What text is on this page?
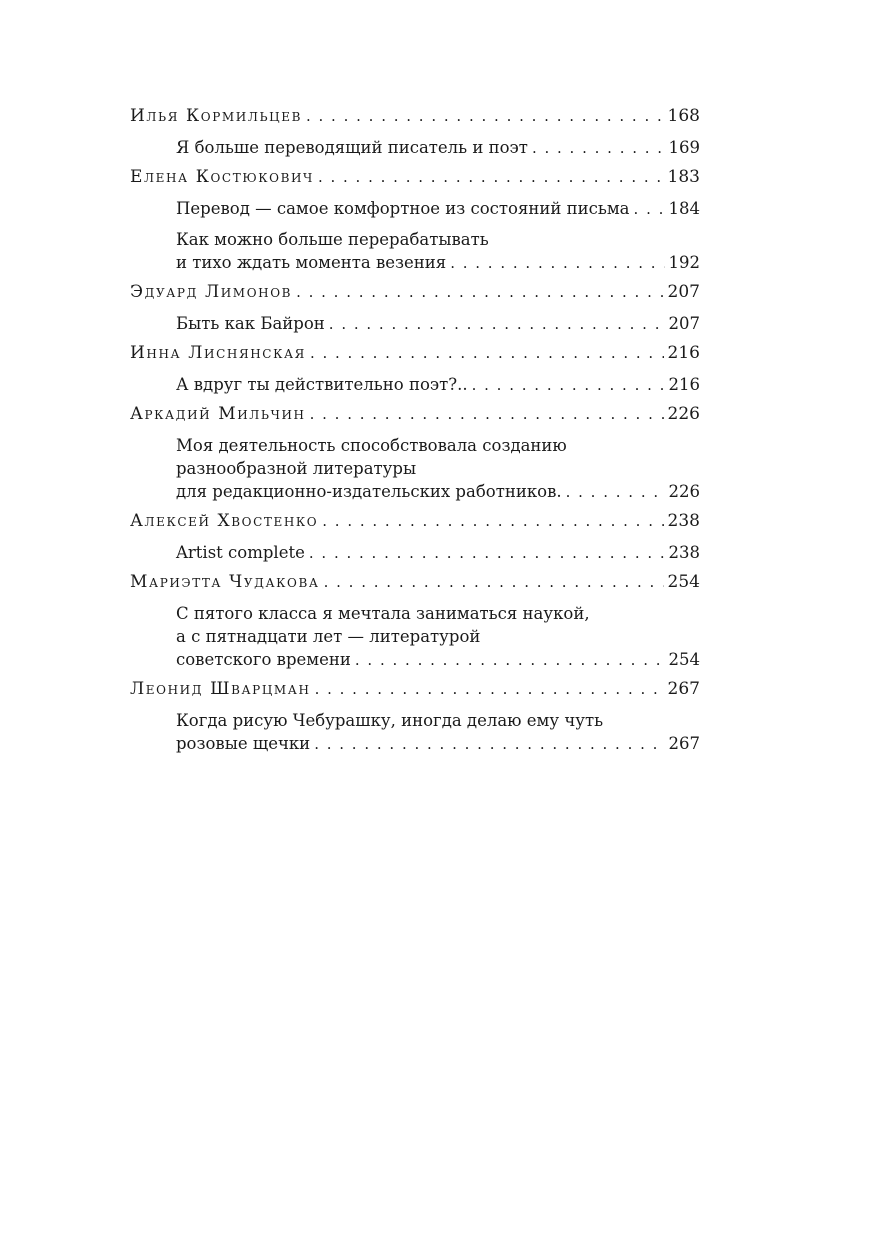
Илья Кормильцев . . .	168
Я больше переводящий писатель и поэт . . .	169
Елена Костюкович . . .	183
Перевод — самое комфортное из состояний письма . . . 184
Как можно больше перерабатывать
и тихо ждать момента везения . . .	192
Эдуард Лимонов . . .	207
Быть как Байрон . . .	207
Инна Лиснянская . . .	216
А вдруг ты действительно поэт?.. . . .	216
Аркадий Мильчин . . .	226
Моя деятельность способствовала созданию
разнообразной литературы
для редакционно-издательских работников. . . .	226
Алексей Хвостенко . . .	238
Artist complete . . .	238
Мариэтта Чудакова . . .	254
С пятого класса я мечтала заниматься наукой,
а с пятнадцати лет — литературой
советского времени . . .	254
Леонид Шварцман . . .	267
Когда рисую Чебурашку, иногда делаю ему чуть
розовые щечки . . .	267
